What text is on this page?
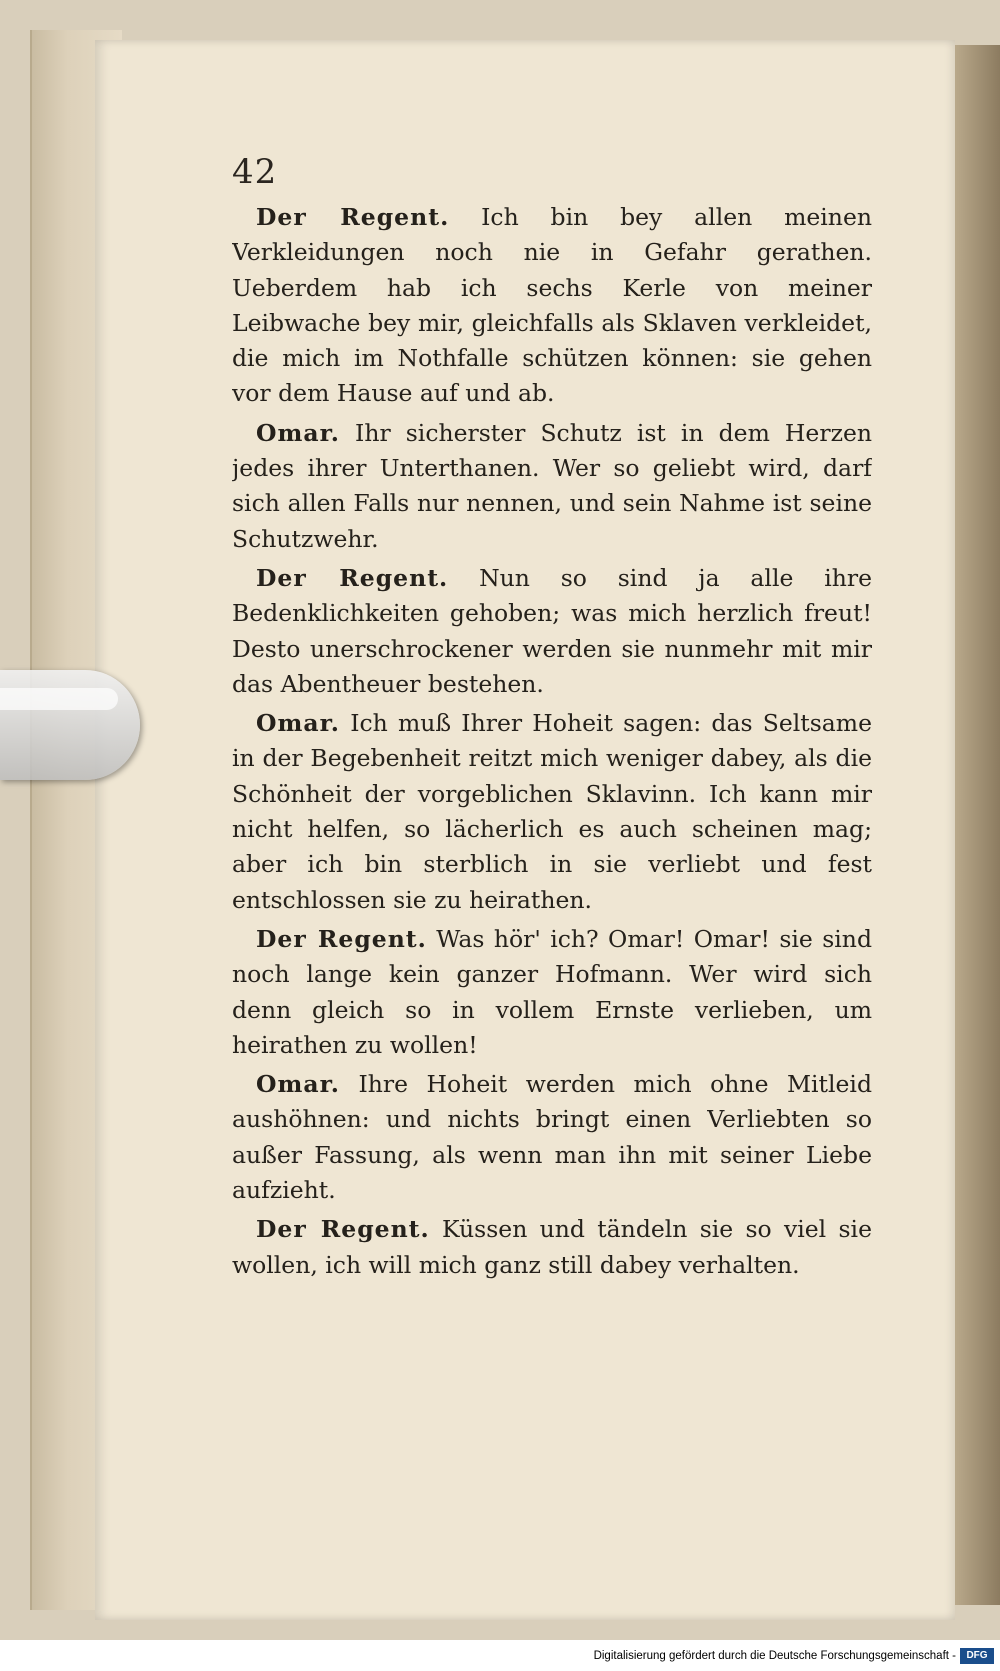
42

Der Regent. Ich bin bey allen meinen Verkleidungen noch nie in Gefahr gerathen. Ueberdem hab ich sechs Kerle von meiner Leibwache bey mir, gleichfalls als Sklaven verkleidet, die mich im Nothfalle schützen können: sie gehen vor dem Hause auf und ab.

Omar. Ihr sicherster Schutz ist in dem Herzen jedes ihrer Unterthanen. Wer so geliebt wird, darf sich allen Falls nur nennen, und sein Nahme ist seine Schutzwehr.

Der Regent. Nun so sind ja alle ihre Bedenklichkeiten gehoben; was mich herzlich freut! Desto unerschrockener werden sie nunmehr mit mir das Abentheuer bestehen.

Omar. Ich muß Ihrer Hoheit sagen: das Seltsame in der Begebenheit reitzt mich weniger dabey, als die Schönheit der vorgeblichen Sklavinn. Ich kann mir nicht helfen, so lächerlich es auch scheinen mag; aber ich bin sterblich in sie verliebt und fest entschlossen sie zu heirathen.

Der Regent. Was hör' ich? Omar! Omar! sie sind noch lange kein ganzer Hofmann. Wer wird sich denn gleich so in vollem Ernste verlieben, um heirathen zu wollen!

Omar. Ihre Hoheit werden mich ohne Mitleid aushöhnen: und nichts bringt einen Verliebten so außer Fassung, als wenn man ihn mit seiner Liebe aufzieht.

Der Regent. Küssen und tändeln sie so viel sie wollen, ich will mich ganz still dabey verhalten.

Digitalisierung gefördert durch die Deutsche Forschungsgemeinschaft -	DFG
